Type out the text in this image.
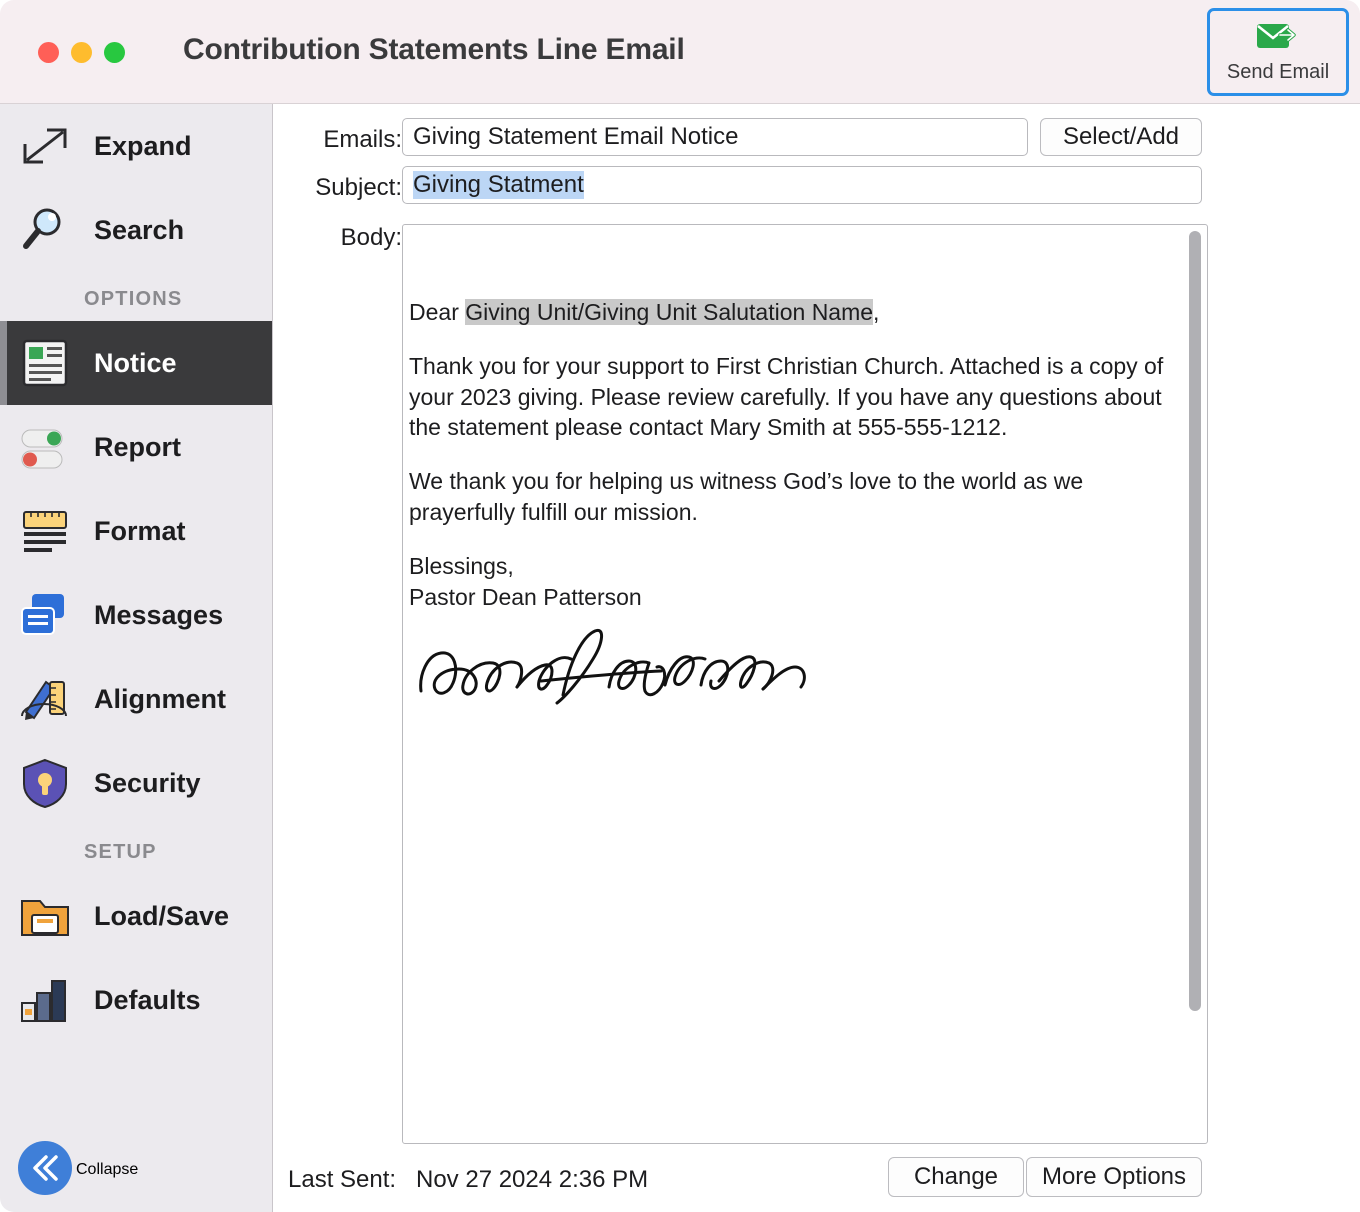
Contribution Statements Line Email
Send Email
Expand
Search
OPTIONS
Notice
Report
Format
Messages
Alignment
Security
SETUP
Load/Save
Defaults
Collapse
Emails: Giving Statement Email Notice	Select/Add
Subject: Giving Statment
Body:

Dear Giving Unit/Giving Unit Salutation Name,

Thank you for your support to First Christian Church. Attached is a copy of your 2023 giving. Please review carefully. If you have any questions about the statement please contact Mary Smith at 555-555-1212.

We thank you for helping us witness God’s love to the world as we prayerfully fulfill our mission.

Blessings,

Pastor Dean Patterson

Last Sent: Nov 27 2024 2:36 PM	Change	More Options
